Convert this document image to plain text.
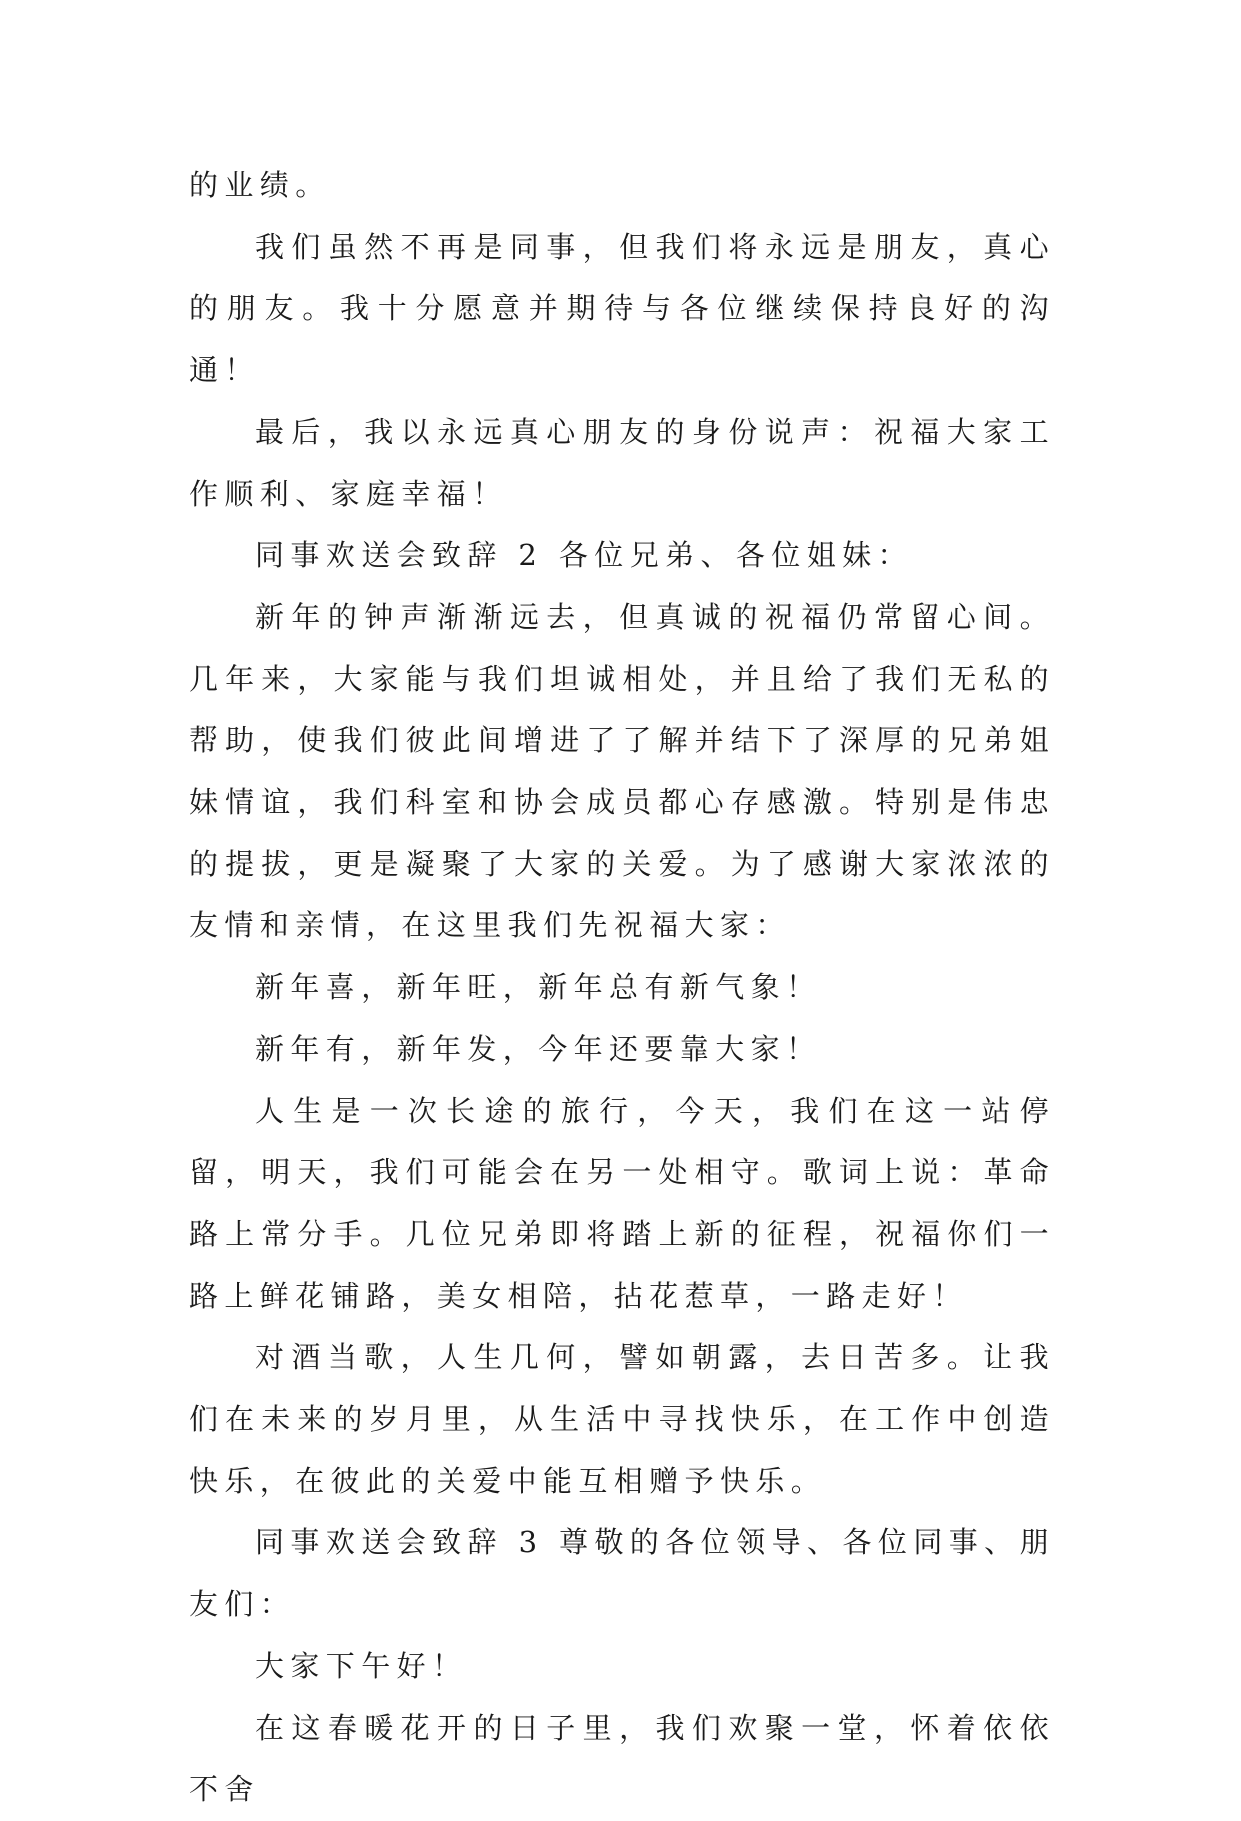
的业绩。

我们虽然不再是同事，但我们将永远是朋友，真心的朋友。我十分愿意并期待与各位继续保持良好的沟通！

最后，我以永远真心朋友的身份说声：祝福大家工作顺利、家庭幸福！

同事欢送会致辞 2 各位兄弟、各位姐妹：

新年的钟声渐渐远去，但真诚的祝福仍常留心间。几年来，大家能与我们坦诚相处，并且给了我们无私的帮助，使我们彼此间增进了了解并结下了深厚的兄弟姐妹情谊，我们科室和协会成员都心存感激。特别是伟忠的提拔，更是凝聚了大家的关爱。为了感谢大家浓浓的友情和亲情，在这里我们先祝福大家：

新年喜，新年旺，新年总有新气象！

新年有，新年发，今年还要靠大家！

人生是一次长途的旅行，今天，我们在这一站停留，明天，我们可能会在另一处相守。歌词上说：革命路上常分手。几位兄弟即将踏上新的征程，祝福你们一路上鲜花铺路，美女相陪，拈花惹草，一路走好！

对酒当歌，人生几何，譬如朝露，去日苦多。让我们在未来的岁月里，从生活中寻找快乐，在工作中创造快乐，在彼此的关爱中能互相赠予快乐。

同事欢送会致辞 3 尊敬的各位领导、各位同事、朋友们：

大家下午好！

在这春暖花开的日子里，我们欢聚一堂，怀着依依不舍
